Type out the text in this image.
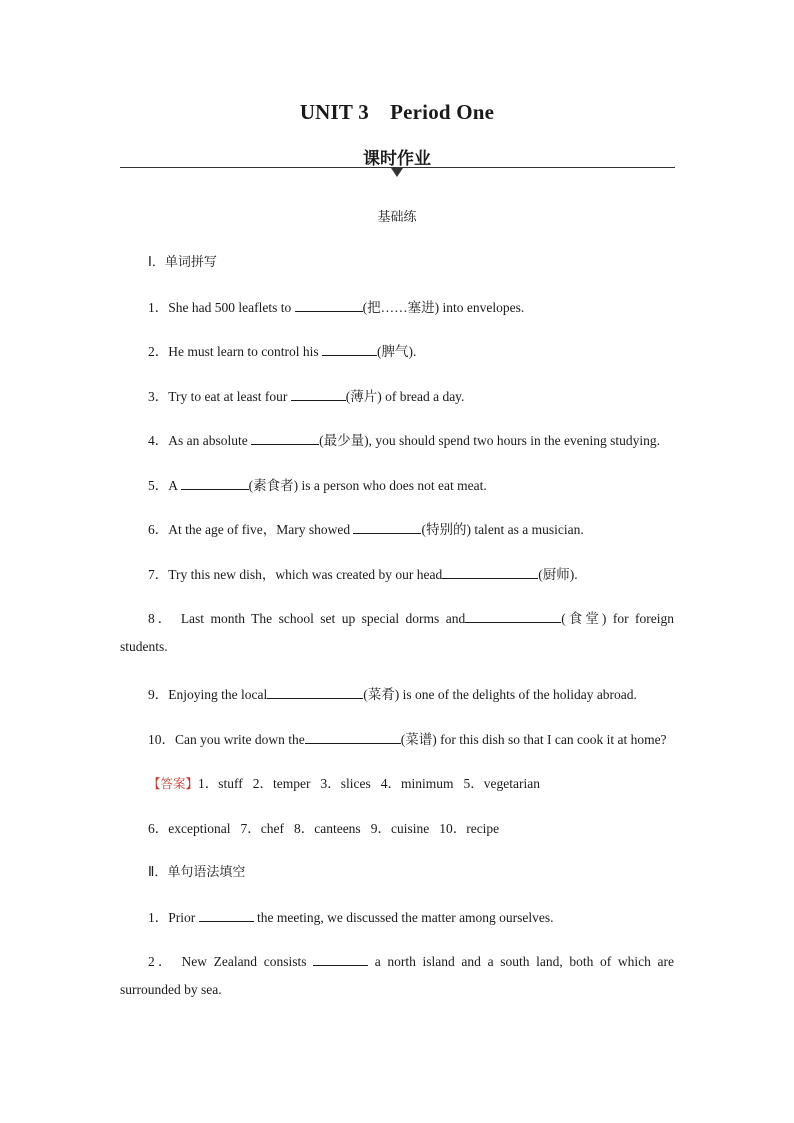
UNIT 3　Period One
课时作业
基础练
Ⅰ．单词拼写
1．She had 500 leaflets to	(把……塞进) into envelopes.
2．He must learn to control his	(脾气).
3．Try to eat at least four	(薄片) of bread a day.
4．As an absolute	(最少量), you should spend two hours in the evening studying.
5．A	(素食者) is a person who does not eat meat.
6．At the age of five，Mary showed	(特别的) talent as a musician.
7．Try this new dish，which was created by our head	(厨师).
8． Last month The school set up special dorms and	(食堂) for foreign
students.
9．Enjoying the local	(菜肴) is one of the delights of the holiday abroad.
10．Can you write down the	(菜谱) for this dish so that I can cook it at home?
【答案】1．stuff 2．temper 3．slices 4．minimum 5．vegetarian
6．exceptional 7．chef 8．canteens 9．cuisine 10．recipe
Ⅱ．单句语法填空
1．Prior	the meeting, we discussed the matter among ourselves.
2． New Zealand consists	a north island and a south land, both of which are
surrounded by sea.
